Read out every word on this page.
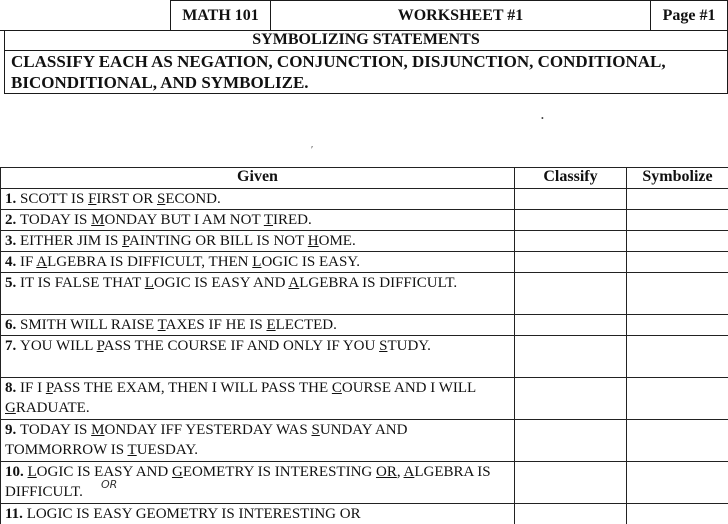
MATH 101	WORKSHEET #1	Page #1
SYMBOLIZING STATEMENTS
CLASSIFY EACH AS NEGATION, CONJUNCTION, DISJUNCTION, CONDITIONAL, BICONDITIONAL, AND SYMBOLIZE.
′
•
Given	Classify	Symbolize
1. SCOTT IS FIRST OR SECOND.		
2. TODAY IS MONDAY BUT I AM NOT TIRED.		
3. EITHER JIM IS PAINTING OR BILL IS NOT HOME.		
4. IF ALGEBRA IS DIFFICULT, THEN LOGIC IS EASY.		
5. IT IS FALSE THAT LOGIC IS EASY AND ALGEBRA IS DIFFICULT.		
6. SMITH WILL RAISE TAXES IF HE IS ELECTED.		
7. YOU WILL PASS THE COURSE IF AND ONLY IF YOU STUDY.		
8. IF I PASS THE EXAM, THEN I WILL PASS THE COURSE AND I WILL GRADUATE.		
9. TODAY IS MONDAY IFF YESTERDAY WAS SUNDAY AND TOMMORROW IS TUESDAY.		
10. LOGIC IS EASY AND GEOMETRY IS INTERESTING OR, ALGEBRA IS DIFFICULT.		
11. LOGIC IS EASY GEOMETRY IS INTERESTING OR		
OR
